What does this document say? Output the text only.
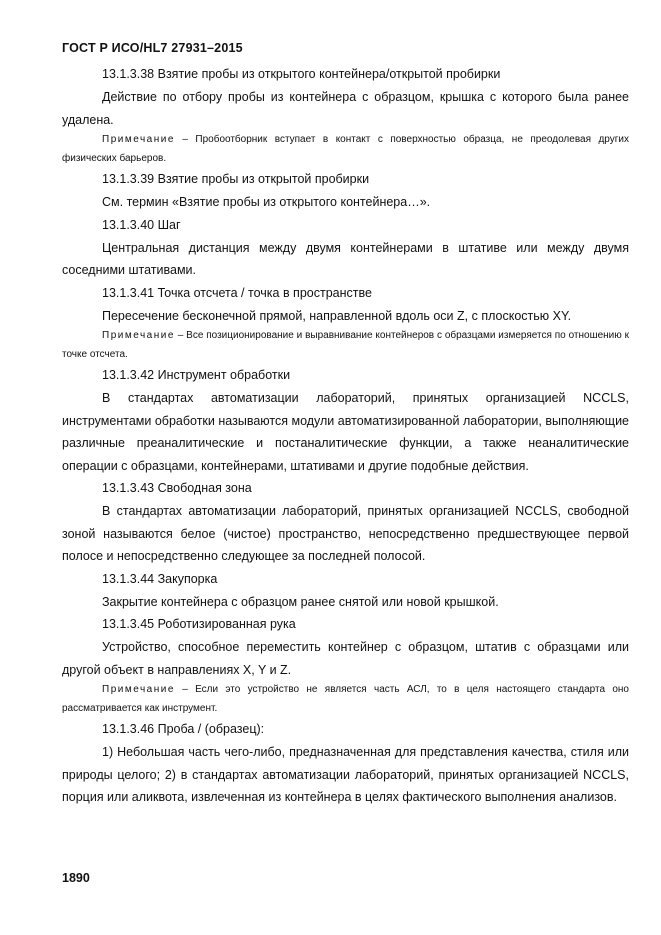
ГОСТ Р ИСО/HL7 27931–2015

13.1.3.38 Взятие пробы из открытого контейнера/открытой пробирки

Действие по отбору пробы из контейнера с образцом, крышка с которого была ранее удалена.

Примечание – Пробоотборник вступает в контакт с поверхностью образца, не преодолевая других физических барьеров.

13.1.3.39 Взятие пробы из открытой пробирки

См. термин «Взятие пробы из открытого контейнера…».

13.1.3.40 Шаг

Центральная дистанция между двумя контейнерами в штативе или между двумя соседними штативами.

13.1.3.41 Точка отсчета / точка в пространстве

Пересечение бесконечной прямой, направленной вдоль оси Z, с плоскостью XY.

Примечание – Все позиционирование и выравнивание контейнеров с образцами измеряется по отношению к точке отсчета.

13.1.3.42 Инструмент обработки

В стандартах автоматизации лабораторий, принятых организацией NCCLS, инструментами обработки называются модули автоматизированной лаборатории, выполняющие различные преаналитические и постаналитические функции, а также неаналитические операции с образцами, контейнерами, штативами и другие подобные действия.

13.1.3.43 Свободная зона

В стандартах автоматизации лабораторий, принятых организацией NCCLS, свободной зоной называются белое (чистое) пространство, непосредственно предшествующее первой полосе и непосредственно следующее за последней полосой.

13.1.3.44 Закупорка

Закрытие контейнера с образцом ранее снятой или новой крышкой.

13.1.3.45 Роботизированная рука

Устройство, способное переместить контейнер с образцом, штатив с образцами или другой объект в направлениях X, Y и Z.

Примечание – Если это устройство не является часть АСЛ, то в целя настоящего стандарта оно рассматривается как инструмент.

13.1.3.46 Проба / (образец):

1) Небольшая часть чего-либо, предназначенная для представления качества, стиля или природы целого; 2) в стандартах автоматизации лабораторий, принятых организацией NCCLS, порция или аликвота, извлеченная из контейнера в целях фактического выполнения анализов.

1890
